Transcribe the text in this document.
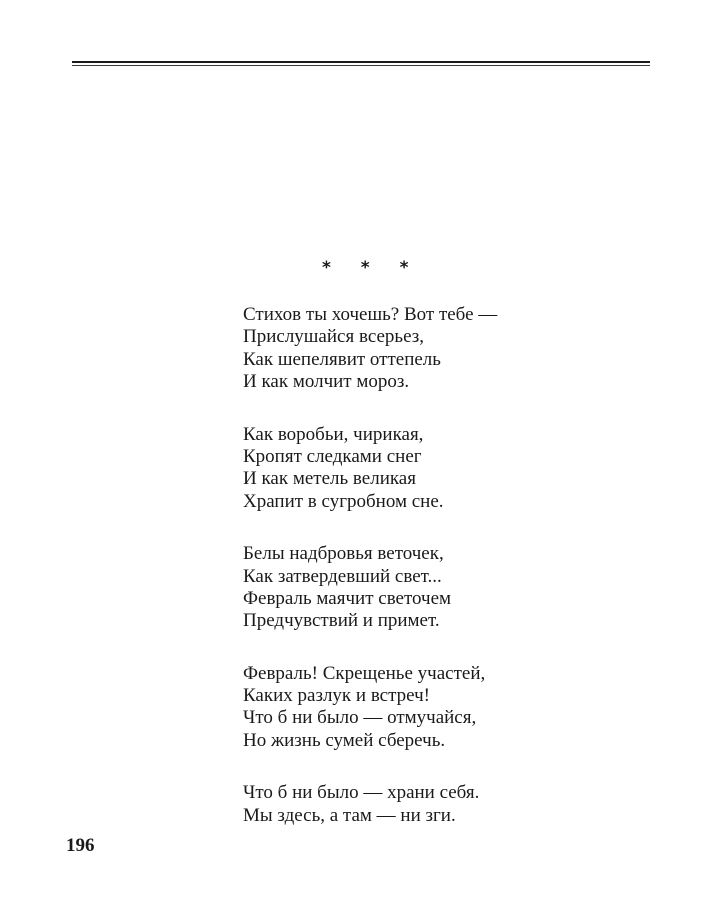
* * *
Стихов ты хочешь? Вот тебе —
Прислушайся всерьез,
Как шепелявит оттепель
И как молчит мороз.
Как воробьи, чирикая,
Кропят следками снег
И как метель великая
Храпит в сугробном сне.
Белы надбровья веточек,
Как затвердевший свет...
Февраль маячит светочем
Предчувствий и примет.
Февраль! Скрещенье участей,
Каких разлук и встреч!
Что б ни было — отмучайся,
Но жизнь сумей сберечь.
Что б ни было — храни себя.
Мы здесь, а там — ни зги.
196
